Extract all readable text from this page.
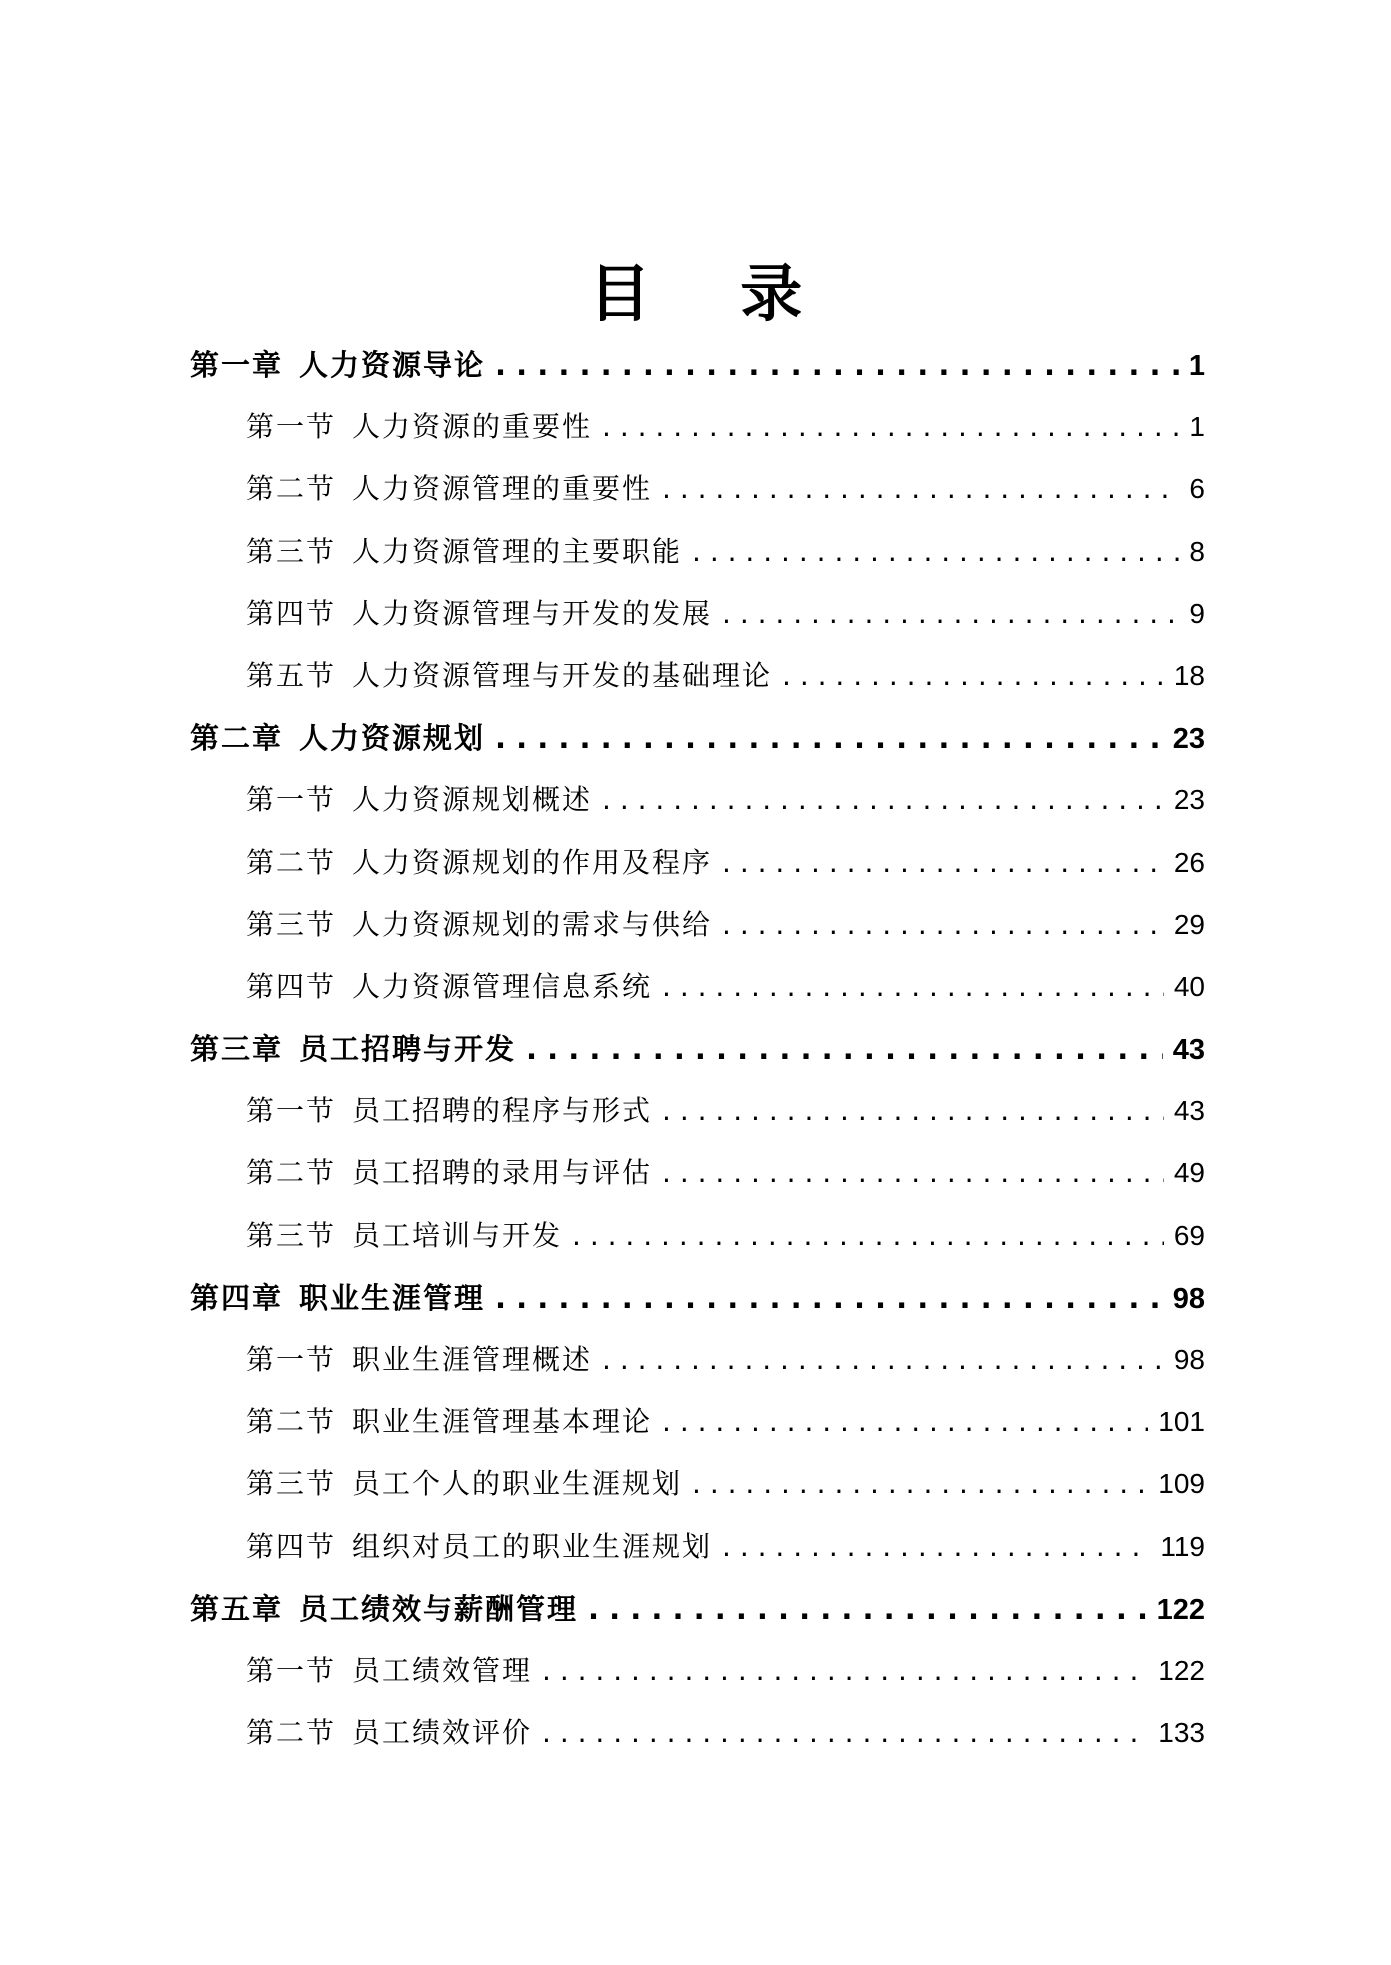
目 录
第一章 人力资源导论 . . .	1
第一节 人力资源的重要性 . . .	1
第二节 人力资源管理的重要性 . . .	6
第三节 人力资源管理的主要职能 . . .	8
第四节 人力资源管理与开发的发展 . . .	9
第五节 人力资源管理与开发的基础理论 . . .	18
第二章 人力资源规划 . . .	23
第一节 人力资源规划概述 . . .	23
第二节 人力资源规划的作用及程序 . . .	26
第三节 人力资源规划的需求与供给 . . .	29
第四节 人力资源管理信息系统 . . .	40
第三章 员工招聘与开发 . . .	43
第一节 员工招聘的程序与形式 . . .	43
第二节 员工招聘的录用与评估 . . .	49
第三节 员工培训与开发 . . .	69
第四章 职业生涯管理 . . .	98
第一节 职业生涯管理概述 . . .	98
第二节 职业生涯管理基本理论 . . .	101
第三节 员工个人的职业生涯规划 . . .	109
第四节 组织对员工的职业生涯规划 . . .	119
第五章 员工绩效与薪酬管理 . . .	122
第一节 员工绩效管理 . . .	122
第二节 员工绩效评价 . . .	133
